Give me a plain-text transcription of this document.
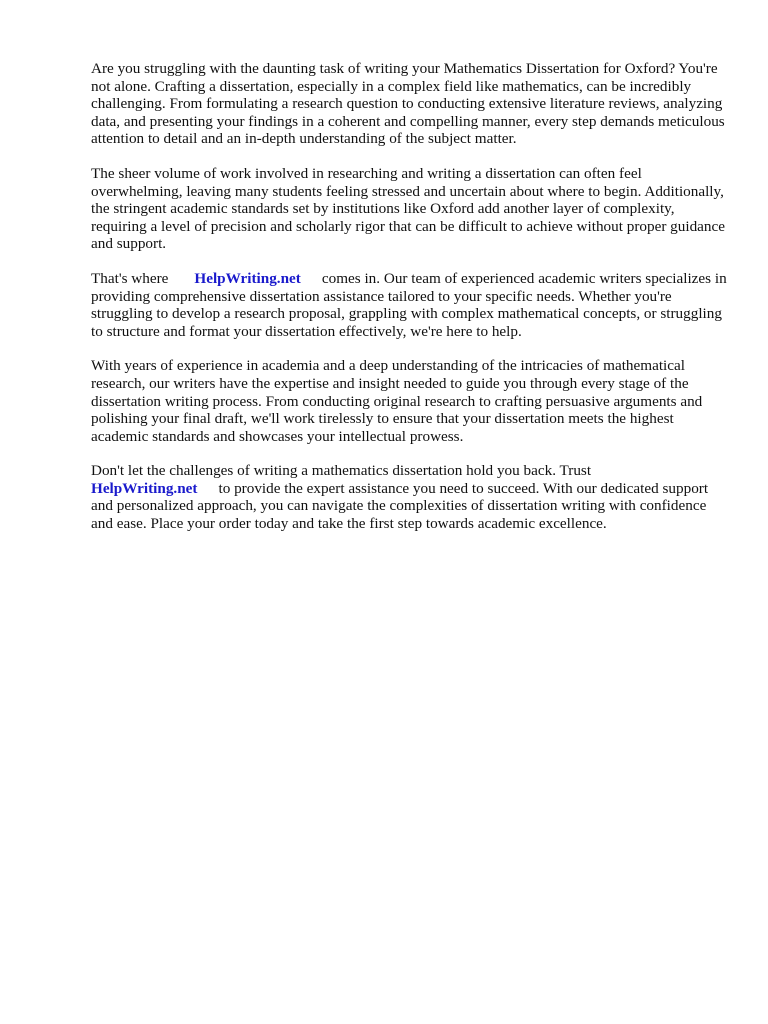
Are you struggling with the daunting task of writing your Mathematics Dissertation for Oxford? You're not alone. Crafting a dissertation, especially in a complex field like mathematics, can be incredibly challenging. From formulating a research question to conducting extensive literature reviews, analyzing data, and presenting your findings in a coherent and compelling manner, every step demands meticulous attention to detail and an in-depth understanding of the subject matter.

The sheer volume of work involved in researching and writing a dissertation can often feel overwhelming, leaving many students feeling stressed and uncertain about where to begin. Additionally, the stringent academic standards set by institutions like Oxford add another layer of complexity, requiring a level of precision and scholarly rigor that can be difficult to achieve without proper guidance and support.

That's where HelpWriting.net comes in. Our team of experienced academic writers specializes in providing comprehensive dissertation assistance tailored to your specific needs. Whether you're struggling to develop a research proposal, grappling with complex mathematical concepts, or struggling to structure and format your dissertation effectively, we're here to help.

With years of experience in academia and a deep understanding of the intricacies of mathematical research, our writers have the expertise and insight needed to guide you through every stage of the dissertation writing process. From conducting original research to crafting persuasive arguments and polishing your final draft, we'll work tirelessly to ensure that your dissertation meets the highest academic standards and showcases your intellectual prowess.

Don't let the challenges of writing a mathematics dissertation hold you back. Trust
HelpWriting.net to provide the expert assistance you need to succeed. With our dedicated support and personalized approach, you can navigate the complexities of dissertation writing with confidence and ease. Place your order today and take the first step towards academic excellence.
